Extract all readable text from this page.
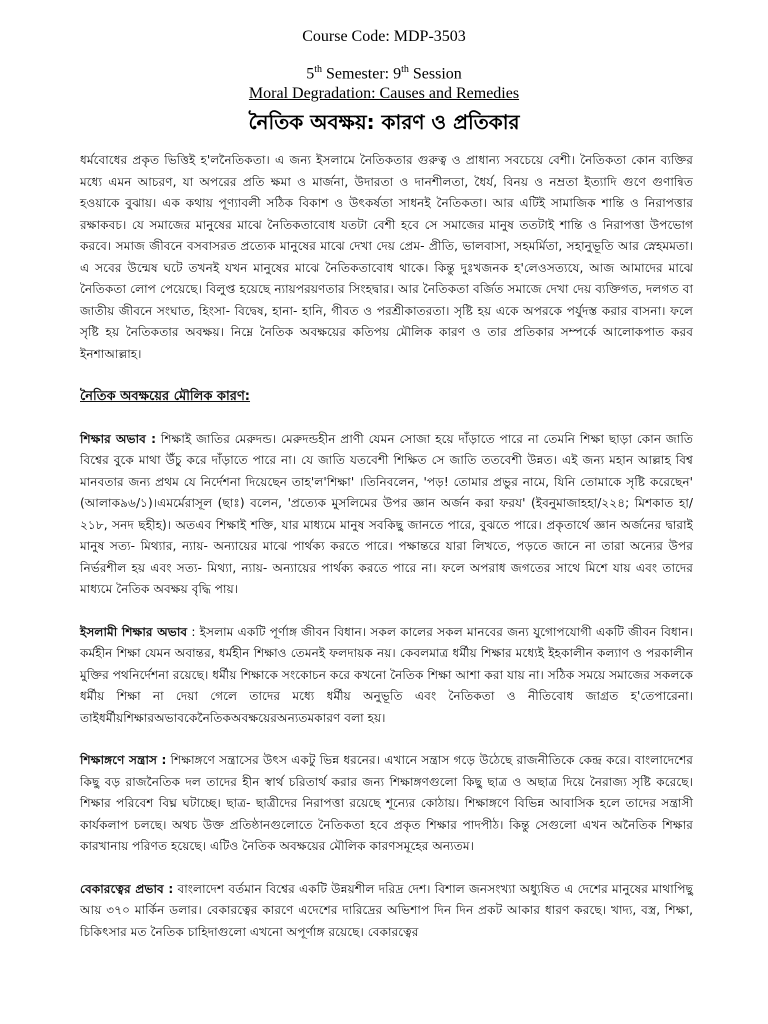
Course Code: MDP-3503
5th Semester: 9th Session
Moral Degradation: Causes and Remedies
নৈতিক অবক্ষয়: কারণ ও প্রতিকার

ধর্মবোধের প্রকৃত ভিত্তিই হ'লনৈতিকতা। এ জন্য ইসলামে নৈতিকতার গুরুত্ব ও প্রাধান্য সবচেয়ে বেশী। নৈতিকতা কোন ব্যক্তির মধ্যে এমন আচরণ, যা অপরের প্রতি ক্ষমা ও মার্জনা, উদারতা ও দানশীলতা, ধৈর্য, বিনয় ও নম্রতা ইত্যাদি গুণে গুণান্বিত হওয়াকে বুঝায়। এক কথায় পূণ্যাবলী সঠিক বিকাশ ও উৎকর্ষতা সাধনই নৈতিকতা। আর এটিই সামাজিক শান্তি ও নিরাপত্তার রক্ষাকবচ। যে সমাজের মানুষের মাঝে নৈতিকতাবোধ যতটা বেশী হবে সে সমাজের মানুষ ততটাই শান্তি ও নিরাপত্তা উপভোগ করবে। সমাজ জীবনে বসবাসরত প্রত্যেক মানুষের মাঝে দেখা দেয় প্রেম- প্রীতি, ভালবাসা, সহমর্মিতা, সহানুভূতি আর স্নেহমমতা। এ সবের উন্মেষ ঘটে তখনই যখন মানুষের মাঝে নৈতিকতাবোধ থাকে। কিন্তু দুঃখজনক হ'লেওসত্যযে, আজ আমাদের মাঝে নৈতিকতা লোপ পেয়েছে। বিলুপ্ত হয়েছে ন্যায়পরয়ণতার সিংহদ্বার। আর নৈতিকতা বর্জিত সমাজে দেখা দেয় ব্যক্তিগত, দলগত বা জাতীয় জীবনে সংঘাত, হিংসা- বিদ্বেষ, হানা- হানি, গীবত ও পরশ্রীকাতরতা। সৃষ্টি হয় একে অপরকে পর্যুদস্ত করার বাসনা। ফলে সৃষ্টি হয় নৈতিকতার অবক্ষয়। নিম্নে নৈতিক অবক্ষয়ের কতিপয় মৌলিক কারণ ও তার প্রতিকার সম্পর্কে আলোকপাত করব ইনশাআল্লাহ।

নৈতিক অবক্ষয়ের মৌলিক কারণ:

শিক্ষার অভাব : শিক্ষাই জাতির মেরুদন্ড। মেরুদন্ডহীন প্রাণী যেমন সোজা হয়ে দাঁড়াতে পারে না তেমনি শিক্ষা ছাড়া কোন জাতি বিশ্বের বুকে মাথা উঁচু করে দাঁড়াতে পারে না। যে জাতি যতবেশী শিক্ষিত সে জাতি ততবেশী উন্নত। এই জন্য মহান আল্লাহ বিশ্ব মানবতার জন্য প্রথম যে নির্দেশনা দিয়েছেন তাহ'ল'শিক্ষা' ।তিনিবলেন, 'পড়! তোমার প্রভুর নামে, যিনি তোমাকে সৃষ্টি করেছেন' (আলাক৯৬/১)।এমর্মেরাসূল (ছাঃ) বলেন, 'প্রত্যেক মুসলিমের উপর জ্ঞান অর্জন করা ফরয' (ইবনুমাজাহহা/২২৪; মিশকাত হা/২১৮, সনদ ছহীহ)। অতএব শিক্ষাই শক্তি, যার মাধ্যমে মানুষ সবকিছু জানতে পারে, বুঝতে পারে। প্রকৃতার্থে জ্ঞান অর্জনের দ্বারাই মানুষ সত্য- মিথ্যার, ন্যায়- অন্যায়ের মাঝে পার্থক্য করতে পারে। পক্ষান্তরে যারা লিখতে, পড়তে জানে না তারা অন্যের উপর নির্ভরশীল হয় এবং সত্য- মিথ্যা, ন্যায়- অন্যায়ের পার্থক্য করতে পারে না। ফলে অপরাধ জগতের সাথে মিশে যায় এবং তাদের মাধ্যমে নৈতিক অবক্ষয় বৃদ্ধি পায়।

ইসলামী শিক্ষার অভাব : ইসলাম একটি পূর্ণাঙ্গ জীবন বিধান। সকল কালের সকল মানবের জন্য যুগোপযোগী একটি জীবন বিধান। কর্মহীন শিক্ষা যেমন অবান্তর, ধর্মহীন শিক্ষাও তেমনই ফলদায়ক নয়। কেবলমাত্র ধর্মীয় শিক্ষার মধ্যেই ইহকালীন কল্যাণ ও পরকালীন মুক্তির পথনির্দেশনা রয়েছে। ধর্মীয় শিক্ষাকে সংকোচন করে কখনো নৈতিক শিক্ষা আশা করা যায় না। সঠিক সময়ে সমাজের সকলকে ধর্মীয় শিক্ষা না দেয়া গেলে তাদের মধ্যে ধর্মীয় অনুভূতি এবং নৈতিকতা ও নীতিবোধ জাগ্রত হ'তেপারেনা।তাইধর্মীয়শিক্ষারঅভাবকেনৈতিকঅবক্ষয়েরঅন্যতমকারণ বলা হয়।

শিক্ষাঙ্গণে সন্ত্রাস : শিক্ষাঙ্গণে সন্ত্রাসের উৎস একটু ভিন্ন ধরনের। এখানে সন্ত্রাস গড়ে উঠেছে রাজনীতিকে কেন্দ্র করে। বাংলাদেশের কিছু বড় রাজনৈতিক দল তাদের হীন স্বার্থ চরিতার্থ করার জন্য শিক্ষাঙ্গণগুলো কিছু ছাত্র ও অছাত্র দিয়ে নৈরাজ্য সৃষ্টি করেছে। শিক্ষার পরিবেশ বিঘ্ন ঘটাচ্ছে। ছাত্র- ছাত্রীদের নিরাপত্তা রয়েছে শূন্যের কোঠায়। শিক্ষাঙ্গণে বিভিন্ন আবাসিক হলে তাদের সন্ত্রাসী কার্যকলাপ চলছে। অথচ উক্ত প্রতিষ্ঠানগুলোতে নৈতিকতা হবে প্রকৃত শিক্ষার পাদপীঠ। কিন্তু সেগুলো এখন অনৈতিক শিক্ষার কারখানায় পরিণত হয়েছে। এটিও নৈতিক অবক্ষয়ের মৌলিক কারণসমূহের অন্যতম।

বেকারত্বের প্রভাব : বাংলাদেশ বর্তমান বিশ্বের একটি উন্নয়শীল দরিদ্র দেশ। বিশাল জনসংখ্যা অধ্যুষিত এ দেশের মানুষের মাথাপিছু আয় ৩৭০ মার্কিন ডলার। বেকারত্বের কারণে এদেশের দারিদ্রের অভিশাপ দিন দিন প্রকট আকার ধারণ করছে। খাদ্য, বস্ত্র, শিক্ষা, চিকিৎসার মত নৈতিক চাহিদাগুলো এখনো অপূর্ণাঙ্গ রয়েছে। বেকারত্বের
